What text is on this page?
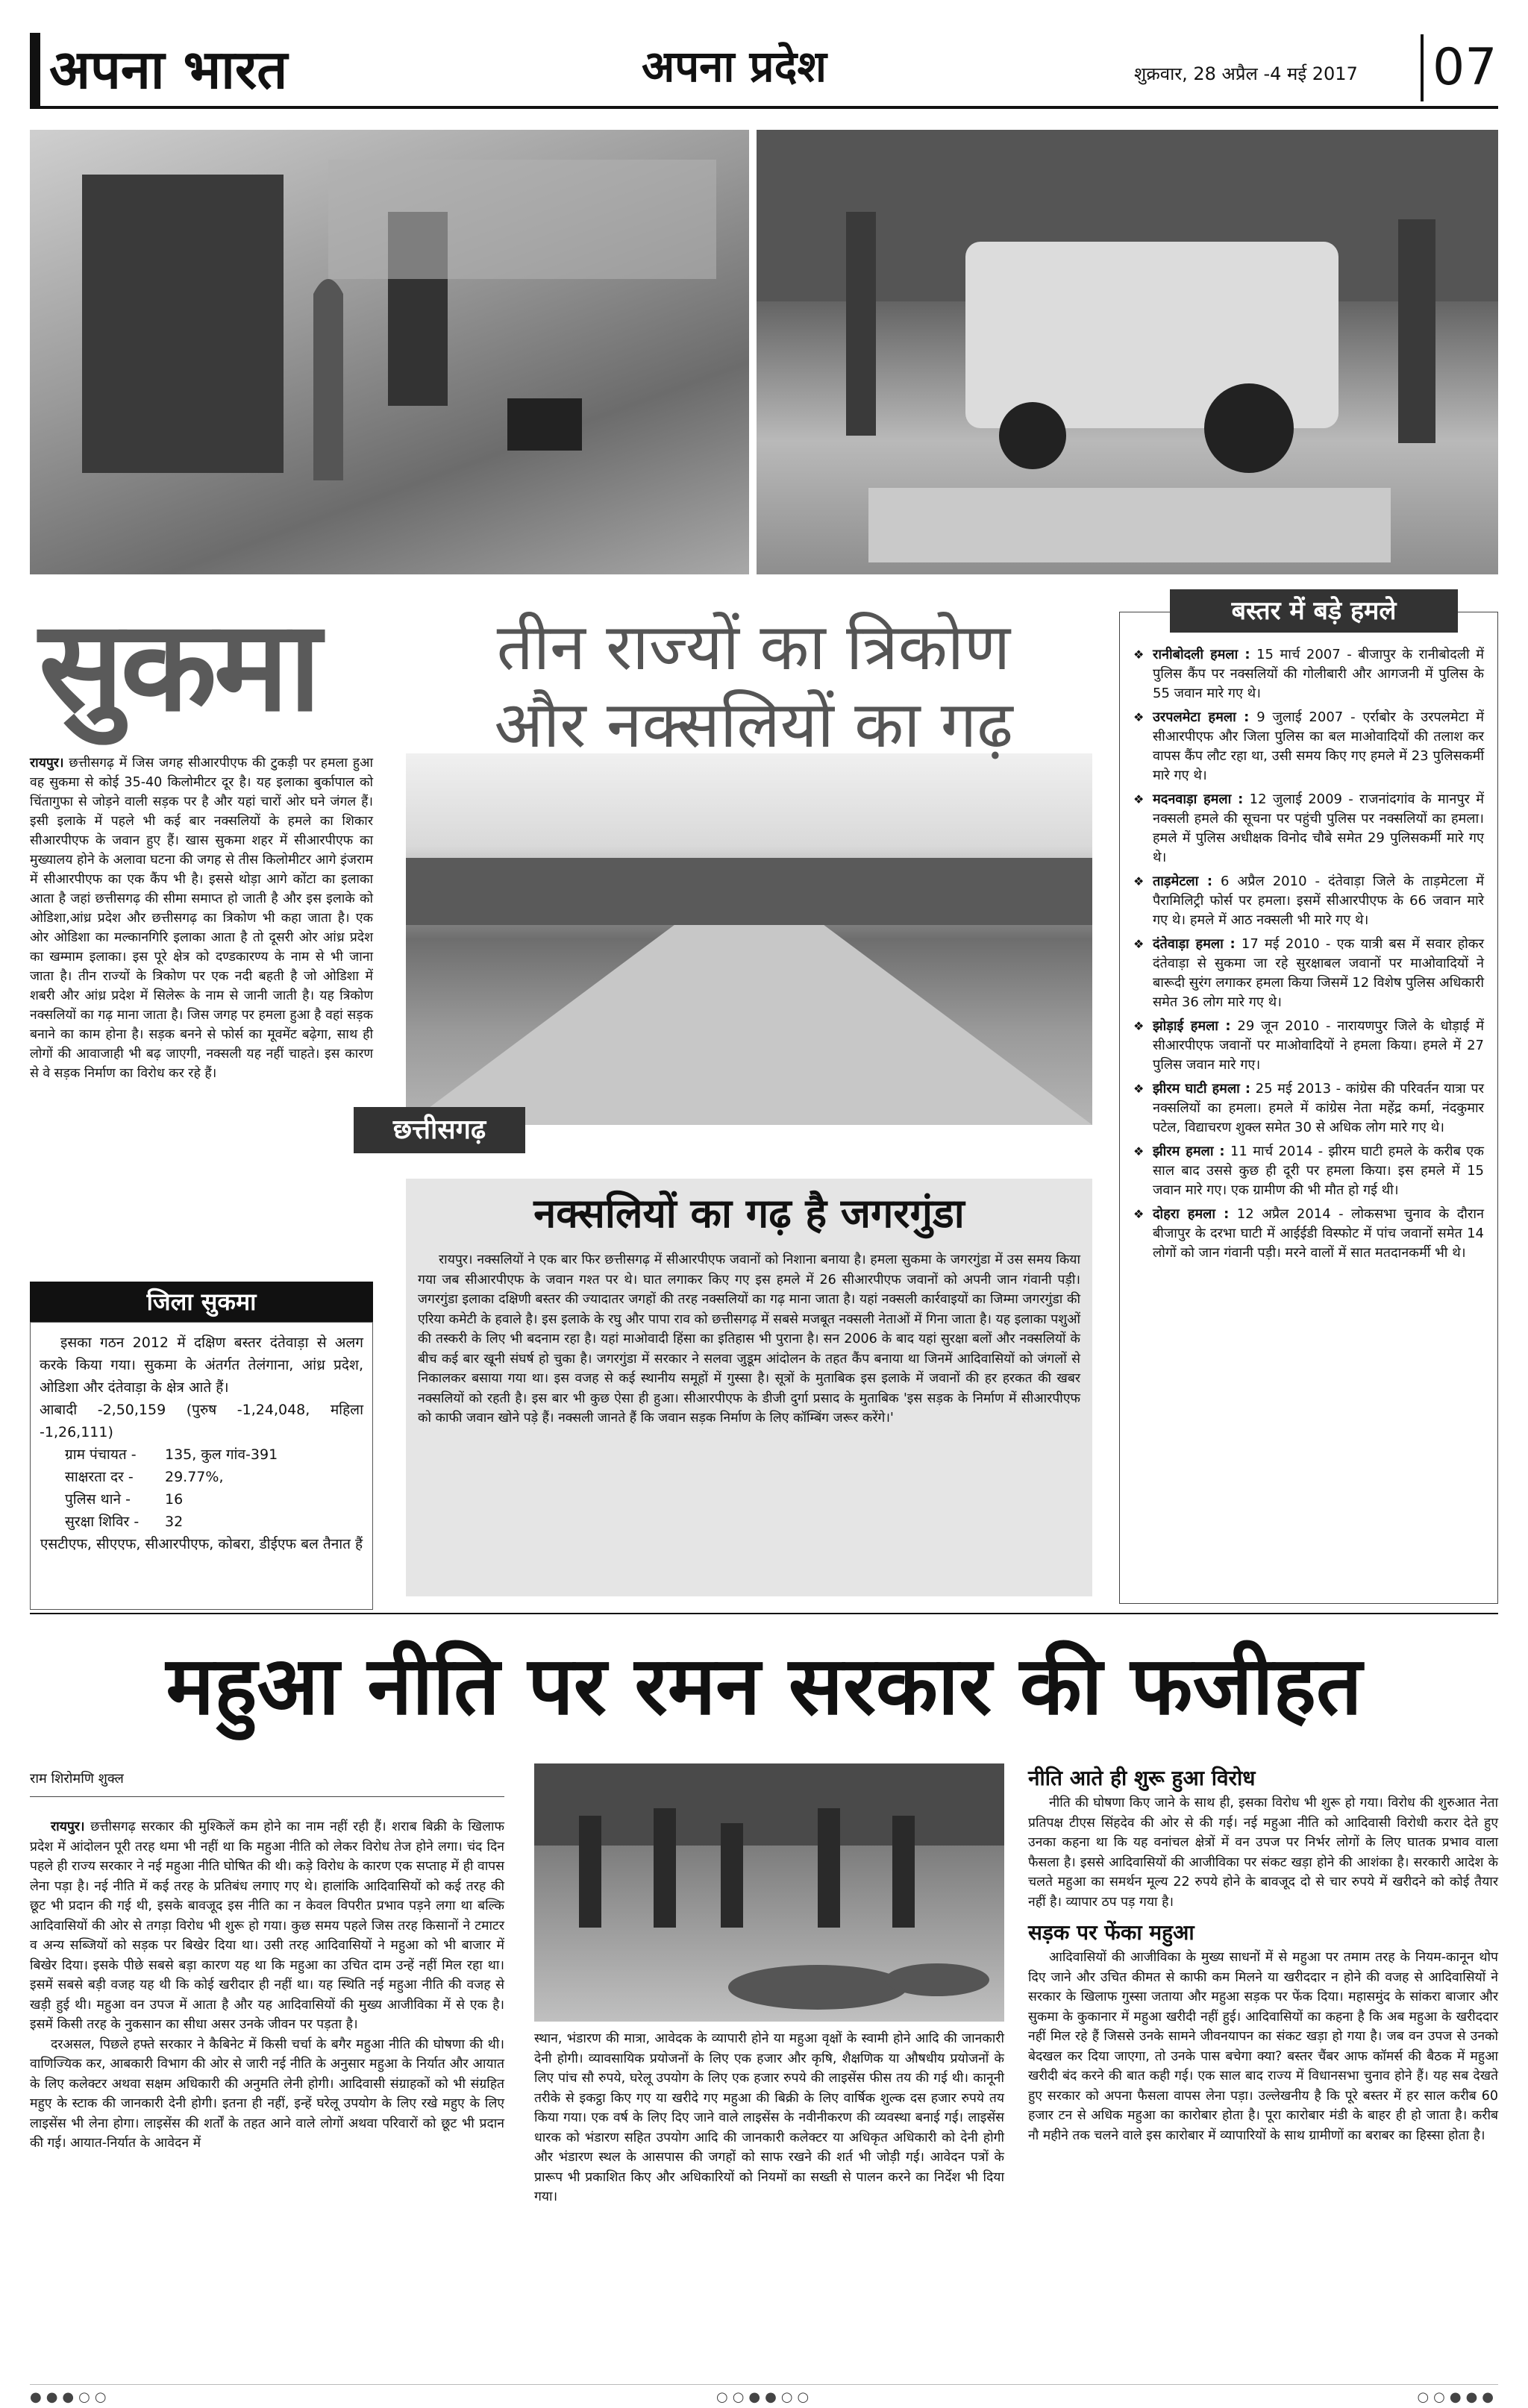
अपना भारत	अपना प्रदेश	शुक्रवार, 28 अप्रैल -4 मई 2017 07
सुकमा	तीन राज्यों का त्रिकोण और नक्सलियों का गढ़

रायपुर। छत्तीसगढ़ में जिस जगह सीआरपीएफ की टुकड़ी पर हमला हुआ वह सुकमा से कोई 35-40 किलोमीटर दूर है। यह इलाका बुर्कापाल को चिंतागुफा से जोड़ने वाली सड़क पर है और यहां चारों ओर घने जंगल हैं। इसी इलाके में पहले भी कई बार नक्सलियों के हमले का शिकार सीआरपीएफ के जवान हुए हैं। खास सुकमा शहर में सीआरपीएफ का मुख्यालय होने के अलावा घटना की जगह से तीस किलोमीटर आगे इंजराम में सीआरपीएफ का एक कैंप भी है। इससे थोड़ा आगे कोंटा का इलाका आता है जहां छत्तीसगढ़ की सीमा समाप्त हो जाती है और इस इलाके को ओडिशा,आंध्र प्रदेश और छत्तीसगढ़ का त्रिकोण भी कहा जाता है। एक ओर ओडिशा का मल्कानगिरि इलाका आता है तो दूसरी ओर आंध्र प्रदेश का खम्माम इलाका। इस पूरे क्षेत्र को दण्डकारण्य के नाम से भी जाना जाता है। तीन राज्यों के त्रिकोण पर एक नदी बहती है जो ओडिशा में शबरी और आंध्र प्रदेश में सिलेरू के नाम से जानी जाती है। यह त्रिकोण नक्सलियों का गढ़ माना जाता है। जिस जगह पर हमला हुआ है वहां सड़क बनाने का काम होना है। सड़क बनने से फोर्स का मूवमेंट बढ़ेगा, साथ ही लोगों की आवाजाही भी बढ़ जाएगी, नक्सली यह नहीं चाहते। इस कारण से वे सड़क निर्माण का विरोध कर रहे हैं।

जिला सुकमा

इसका गठन 2012 में दक्षिण बस्तर दंतेवाड़ा से अलग करके किया गया। सुकमा के अंतर्गत तेलंगाना, आंध्र प्रदेश, ओडिशा और दंतेवाड़ा के क्षेत्र आते हैं।

आबादी -2,50,159 (पुरुष -1,24,048, महिला -1,26,111)

ग्राम पंचायत -	135, कुल गांव-391
साक्षरता दर -	29.77%,
पुलिस थाने -	16
सुरक्षा शिविर -	32

एसटीएफ, सीएएफ, सीआरपीएफ, कोबरा, डीईएफ बल तैनात हैं

छत्तीसगढ़
नक्सलियों का गढ़ है जगरगुंडा

रायपुर। नक्सलियों ने एक बार फिर छत्तीसगढ़ में सीआरपीएफ जवानों को निशाना बनाया है। हमला सुकमा के जगरगुंडा में उस समय किया गया जब सीआरपीएफ के जवान गश्त पर थे। घात लगाकर किए गए इस हमले में 26 सीआरपीएफ जवानों को अपनी जान गंवानी पड़ी। जगरगुंडा इलाका दक्षिणी बस्तर की ज्यादातर जगहों की तरह नक्सलियों का गढ़ माना जाता है। यहां नक्सली कार्रवाइयों का जिम्मा जगरगुंडा की एरिया कमेटी के हवाले है। इस इलाके के रघु और पापा राव को छत्तीसगढ़ में सबसे मजबूत नक्सली नेताओं में गिना जाता है। यह इलाका पशुओं की तस्करी के लिए भी बदनाम रहा है। यहां माओवादी हिंसा का इतिहास भी पुराना है। सन 2006 के बाद यहां सुरक्षा बलों और नक्सलियों के बीच कई बार खूनी संघर्ष हो चुका है। जगरगुंडा में सरकार ने सलवा जुडूम आंदोलन के तहत कैंप बनाया था जिनमें आदिवासियों को जंगलों से निकालकर बसाया गया था। इस वजह से कई स्थानीय समूहों में गुस्सा है। सूत्रों के मुताबिक इस इलाके में जवानों की हर हरकत की खबर नक्सलियों को रहती है। इस बार भी कुछ ऐसा ही हुआ। सीआरपीएफ के डीजी दुर्गा प्रसाद के मुताबिक 'इस सड़क के निर्माण में सीआरपीएफ को काफी जवान खोने पड़े हैं। नक्सली जानते हैं कि जवान सड़क निर्माण के लिए कॉम्बिंग जरूर करेंगे।'

❖ रानीबोदली हमला : 15 मार्च 2007 - बीजापुर के रानीबोदली में पुलिस कैंप पर नक्सलियों की गोलीबारी और आगजनी में पुलिस के 55 जवान मारे गए थे।
❖ उरपलमेटा हमला : 9 जुलाई 2007 - एर्राबोर के उरपलमेटा में सीआरपीएफ और जिला पुलिस का बल माओवादियों की तलाश कर वापस कैंप लौट रहा था, उसी समय किए गए हमले में 23 पुलिसकर्मी मारे गए थे।
❖ मदनवाड़ा हमला : 12 जुलाई 2009 - राजनांदगांव के मानपुर में नक्सली हमले की सूचना पर पहुंची पुलिस पर नक्सलियों का हमला। हमले में पुलिस अधीक्षक विनोद चौबे समेत 29 पुलिसकर्मी मारे गए थे।
❖ ताड़मेटला : 6 अप्रैल 2010 - दंतेवाड़ा जिले के ताड़मेटला में पैरामिलिट्री फोर्स पर हमला। इसमें सीआरपीएफ के 66 जवान मारे गए थे। हमले में आठ नक्सली भी मारे गए थे।
❖ दंतेवाड़ा हमला : 17 मई 2010 - एक यात्री बस में सवार होकर दंतेवाड़ा से सुकमा जा रहे सुरक्षाबल जवानों पर माओवादियों ने बारूदी सुरंग लगाकर हमला किया जिसमें 12 विशेष पुलिस अधिकारी समेत 36 लोग मारे गए थे।
❖ झोड़ाई हमला : 29 जून 2010 - नारायणपुर जिले के धोड़ाई में सीआरपीएफ जवानों पर माओवादियों ने हमला किया। हमले में 27 पुलिस जवान मारे गए।
❖ झीरम घाटी हमला : 25 मई 2013 - कांग्रेस की परिवर्तन यात्रा पर नक्सलियों का हमला। हमले में कांग्रेस नेता महेंद्र कर्मा, नंदकुमार पटेल, विद्याचरण शुक्ल समेत 30 से अधिक लोग मारे गए थे।
❖ झीरम हमला : 11 मार्च 2014 - झीरम घाटी हमले के करीब एक साल बाद उससे कुछ ही दूरी पर हमला किया। इस हमले में 15 जवान मारे गए। एक ग्रामीण की भी मौत हो गई थी।
❖ दोहरा हमला : 12 अप्रैल 2014 - लोकसभा चुनाव के दौरान बीजापुर के दरभा घाटी में आईईडी विस्फोट में पांच जवानों समेत 14 लोगों को जान गंवानी पड़ी। मरने वालों में सात मतदानकर्मी भी थे।
बस्तर में बड़े हमले
महुआ नीति पर रमन सरकार की फजीहत
राम शिरोमणि शुक्ल

रायपुर। छत्तीसगढ़ सरकार की मुश्किलें कम होने का नाम नहीं रही हैं। शराब बिक्री के खिलाफ प्रदेश में आंदोलन पूरी तरह थमा भी नहीं था कि महुआ नीति को लेकर विरोध तेज होने लगा। चंद दिन पहले ही राज्य सरकार ने नई महुआ नीति घोषित की थी। कड़े विरोध के कारण एक सप्ताह में ही वापस लेना पड़ा है। नई नीति में कई तरह के प्रतिबंध लगाए गए थे। हालांकि आदिवासियों को कई तरह की छूट भी प्रदान की गई थी, इसके बावजूद इस नीति का न केवल विपरीत प्रभाव पड़ने लगा था बल्कि आदिवासियों की ओर से तगड़ा विरोध भी शुरू हो गया। कुछ समय पहले जिस तरह किसानों ने टमाटर व अन्य सब्जियों को सड़क पर बिखेर दिया था। उसी तरह आदिवासियों ने महुआ को भी बाजार में बिखेर दिया। इसके पीछे सबसे बड़ा कारण यह था कि महुआ का उचित दाम उन्हें नहीं मिल रहा था। इसमें सबसे बड़ी वजह यह थी कि कोई खरीदार ही नहीं था। यह स्थिति नई महुआ नीति की वजह से खड़ी हुई थी। महुआ वन उपज में आता है और यह आदिवासियों की मुख्य आजीविका में से एक है। इसमें किसी तरह के नुकसान का सीधा असर उनके जीवन पर पड़ता है।

दरअसल, पिछले हफ्ते सरकार ने कैबिनेट में किसी चर्चा के बगैर महुआ नीति की घोषणा की थी। वाणिज्यिक कर, आबकारी विभाग की ओर से जारी नई नीति के अनुसार महुआ के निर्यात और आयात के लिए कलेक्टर अथवा सक्षम अधिकारी की अनुमति लेनी होगी। आदिवासी संग्राहकों को भी संग्रहित महुए के स्टाक की जानकारी देनी होगी। इतना ही नहीं, इन्हें घरेलू उपयोग के लिए रखे महुए के लिए लाइसेंस भी लेना होगा। लाइसेंस की शर्तों के तहत आने वाले लोगों अथवा परिवारों को छूट भी प्रदान की गई। आयात-निर्यात के आवेदन में

स्थान, भंडारण की मात्रा, आवेदक के व्यापारी होने या महुआ वृक्षों के स्वामी होने आदि की जानकारी देनी होगी। व्यावसायिक प्रयोजनों के लिए एक हजार और कृषि, शैक्षणिक या औषधीय प्रयोजनों के लिए पांच सौ रुपये, घरेलू उपयोग के लिए एक हजार रुपये की लाइसेंस फीस तय की गई थी। कानूनी तरीके से इकट्ठा किए गए या खरीदे गए महुआ की बिक्री के लिए वार्षिक शुल्क दस हजार रुपये तय किया गया। एक वर्ष के लिए दिए जाने वाले लाइसेंस के नवीनीकरण की व्यवस्था बनाई गई। लाइसेंस धारक को भंडारण सहित उपयोग आदि की जानकारी कलेक्टर या अधिकृत अधिकारी को देनी होगी और भंडारण स्थल के आसपास की जगहों को साफ रखने की शर्त भी जोड़ी गई। आवेदन पत्रों के प्रारूप भी प्रकाशित किए और अधिकारियों को नियमों का सख्ती से पालन करने का निर्देश भी दिया गया।

नीति आते ही शुरू हुआ विरोध

नीति की घोषणा किए जाने के साथ ही, इसका विरोध भी शुरू हो गया। विरोध की शुरुआत नेता प्रतिपक्ष टीएस सिंहदेव की ओर से की गई। नई महुआ नीति को आदिवासी विरोधी करार देते हुए उनका कहना था कि यह वनांचल क्षेत्रों में वन उपज पर निर्भर लोगों के लिए घातक प्रभाव वाला फैसला है। इससे आदिवासियों की आजीविका पर संकट खड़ा होने की आशंका है। सरकारी आदेश के चलते महुआ का समर्थन मूल्य 22 रुपये होने के बावजूद दो से चार रुपये में खरीदने को कोई तैयार नहीं है। व्यापार ठप पड़ गया है।

सड़क पर फेंका महुआ

आदिवासियों की आजीविका के मुख्य साधनों में से महुआ पर तमाम तरह के नियम-कानून थोप दिए जाने और उचित कीमत से काफी कम मिलने या खरीददार न होने की वजह से आदिवासियों ने सरकार के खिलाफ गुस्सा जताया और महुआ सड़क पर फेंक दिया। महासमुंद के सांकरा बाजार और सुकमा के कुकानार में महुआ खरीदी नहीं हुई। आदिवासियों का कहना है कि अब महुआ के खरीददार नहीं मिल रहे हैं जिससे उनके सामने जीवनयापन का संकट खड़ा हो गया है। जब वन उपज से उनको बेदखल कर दिया जाएगा, तो उनके पास बचेगा क्या? बस्तर चैंबर आफ कॉमर्स की बैठक में महुआ खरीदी बंद करने की बात कही गई। एक साल बाद राज्य में विधानसभा चुनाव होने हैं। यह सब देखते हुए सरकार को अपना फैसला वापस लेना पड़ा। उल्लेखनीय है कि पूरे बस्तर में हर साल करीब 60 हजार टन से अधिक महुआ का कारोबार होता है। पूरा कारोबार मंडी के बाहर ही हो जाता है। करीब नौ महीने तक चलने वाले इस कारोबार में व्यापारियों के साथ ग्रामीणों का बराबर का हिस्सा होता है।

●●●○○	○○●●○○	○○●●●
